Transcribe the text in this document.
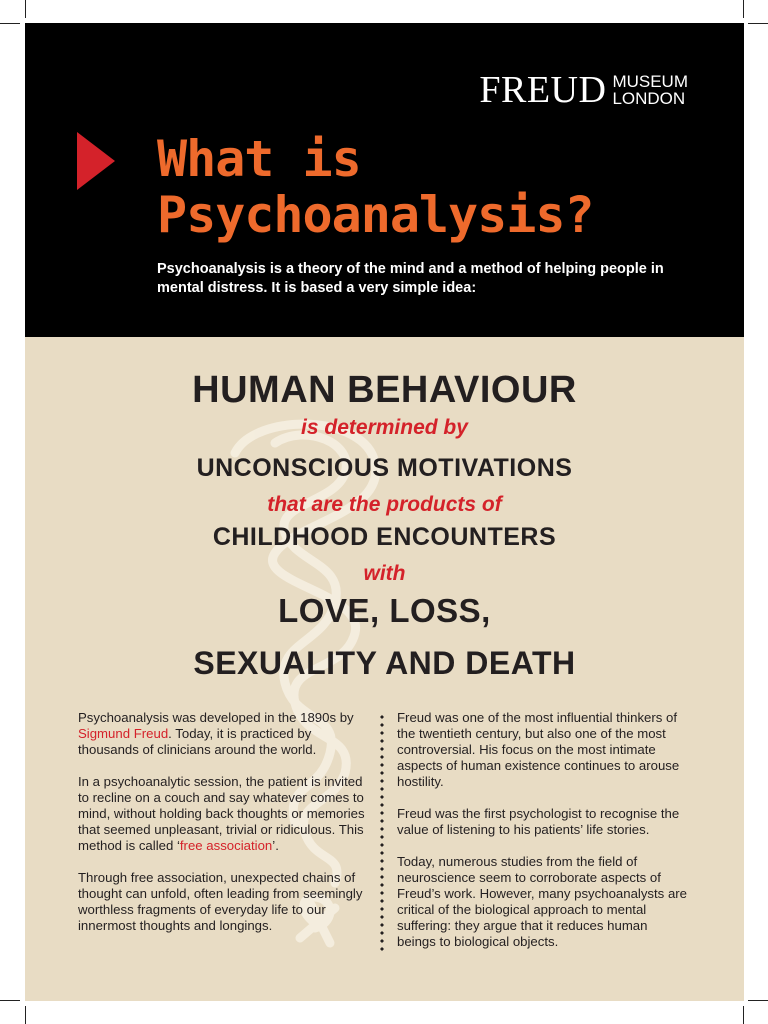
FREUD MUSEUM
LONDON
What is
Psychoanalysis?

Psychoanalysis is a theory of the mind and a method of helping people in mental distress. It is based a very simple idea:

HUMAN BEHAVIOUR

is determined by

UNCONSCIOUS MOTIVATIONS

that are the products of

CHILDHOOD ENCOUNTERS

with

LOVE, LOSS,

SEXUALITY AND DEATH

Psychoanalysis was developed in the 1890s by Sigmund Freud. Today, it is practiced by thousands of clinicians around the world.

In a psychoanalytic session, the patient is invited to recline on a couch and say whatever comes to mind, without holding back thoughts or memories that seemed unpleasant, trivial or ridiculous. This method is called ‘free association’.

Through free association, unexpected chains of thought can unfold, often leading from seemingly worthless fragments of everyday life to our innermost thoughts and longings.

Freud was one of the most influential thinkers of the twentieth century, but also one of the most controversial. His focus on the most intimate aspects of human existence continues to arouse hostility.

Freud was the first psychologist to recognise the value of listening to his patients’ life stories.

Today, numerous studies from the field of neuroscience seem to corroborate aspects of Freud’s work. However, many psychoanalysts are critical of the biological approach to mental suffering: they argue that it reduces human beings to biological objects.
